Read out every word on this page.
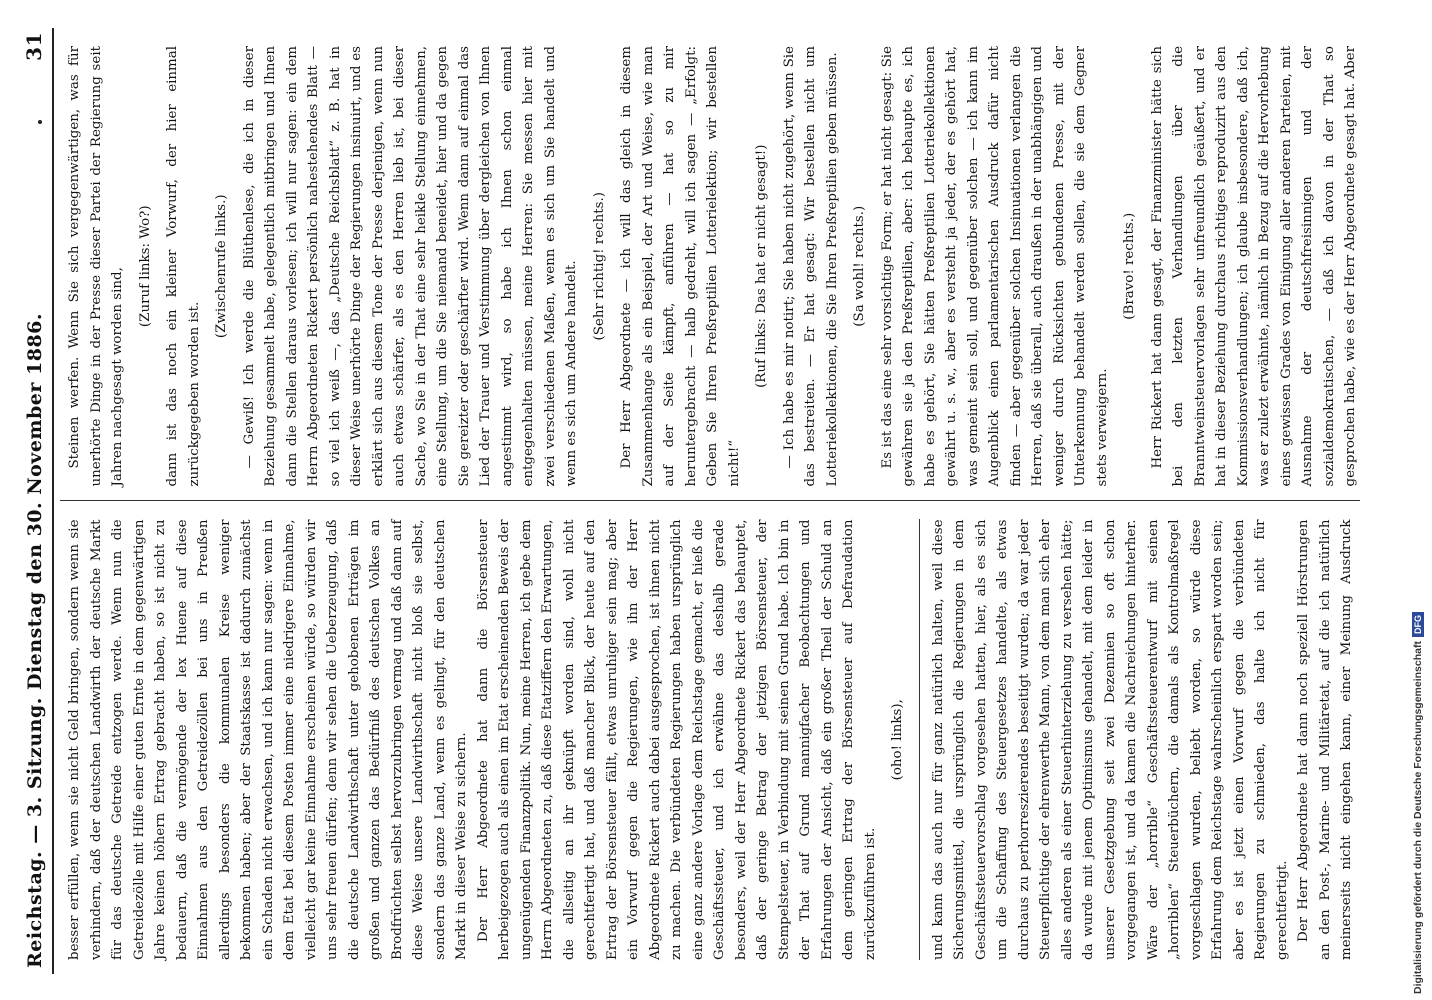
Reichstag. — 3. Sitzung. Dienstag den 30. November 1886.
31

besser erfüllen, wenn sie nicht Geld bringen, sondern wenn sie verhindern, daß der deutschen Landwirth der deutsche Markt für das deutsche Getreide entzogen werde. Wenn nun die Getreidezölle mit Hilfe einer guten Ernte in dem gegenwärtigen Jahre keinen höhern Ertrag gebracht haben, so ist nicht zu bedauern, daß die vermögende der lex Huene auf diese Einnahmen aus den Getreidezöllen bei uns in Preußen allerdings besonders die kommunalen Kreise weniger bekommen haben; aber der Staatskasse ist dadurch zunächst ein Schaden nicht erwachsen, und ich kann nur sagen: wenn in dem Etat bei diesem Posten immer eine niedrigere Einnahme, vielleicht gar keine Einnahme erscheinen würde, so würden wir uns sehr freuen dürfen; denn wir sehen die Ueberzeugung, daß die deutsche Landwirthschaft unter gehobenen Erträgen im großen und ganzen das Bedürfniß des deutschen Volkes an Brodfrüchten selbst hervorzubringen vermag und daß dann auf diese Weise unsere Landwirthschaft nicht bloß sie selbst, sondern das ganze Land, wenn es gelingt, für den deutschen Markt in dieser Weise zu sichern. Der Herr Abgeordnete hat dann die Börsensteuer herbeigezogen auch als einen im Etat erscheinenden Beweis der ungenügenden Finanzpolitik. Nun, meine Herren, ich gebe dem Herrn Abgeordneten zu, daß diese Etatziffern den Erwartungen, die allseitig an ihr geknüpft worden sind, wohl nicht gerechtfertigt hat, und daß mancher Blick, der heute auf den Ertrag der Börsensteuer fällt, etwas unruhiger sein mag; aber ein Vorwurf gegen die Regierungen, wie ihn der Herr Abgeordnete Rickert auch dabei ausgesprochen, ist ihnen nicht zu machen. Die verbündeten Regierungen haben ursprünglich eine ganz andere Vorlage dem Reichstage gemacht, er hieß die Geschäftssteuer, und ich erwähne das deshalb gerade besonders, weil der Herr Abgeordnete Rickert das behauptet, daß der geringe Betrag der jetzigen Börsensteuer, der Stempelsteuer, in Verbindung mit seinen Grund habe. Ich bin in der That auf Grund mannigfacher Beobachtungen und Erfahrungen der Ansicht, daß ein großer Theil der Schuld an dem geringen Ertrag der Börsensteuer auf Defraudation zurückzuführen ist.

(oho! links), und kann das auch nur für ganz natürlich halten, weil diese Sicherungsmittel, die ursprünglich die Regierungen in dem Geschäftssteuervorschlag vorgesehen hatten, hier, als es sich um die Schaffung des Steuergesetzes handelte, als etwas durchaus zu perhorreszierendes beseitigt wurden; da war jeder Steuerpflichtige der ehrenwerthe Mann, von dem man sich eher alles anderen als einer Steuerhinterziehung zu versehen hätte; da wurde mit jenem Optimismus gehandelt, mit dem leider in unserer Gesetzgebung seit zwei Dezennien so oft schon vorgegangen ist, und da kamen die Nachreichungen hinterher. Wäre der „horrible“ Geschäftssteuerentwurf mit seinen „horriblen“ Steuerbüchern, die damals als Kontrolmaßregel vorgeschlagen wurden, beliebt worden, so würde diese Erfahrung dem Reichstage wahrscheinlich erspart worden sein; aber es ist jetzt einen Vorwurf gegen die verbündeten Regierungen zu schmieden, das halte ich nicht für gerechtfertigt. Der Herr Abgeordnete hat dann noch speziell Hörstrungen an den Post-, Marine- und Militäretat, auf die ich natürlich meinerseits nicht eingehen kann, einer Meinung Ausdruck

Steinen werfen. Wenn Sie sich vergegenwärtigen, was für unerhörte Dinge in der Presse dieser Partei der Regierung seit Jahren nachgesagt worden sind,

(Zuruf links: Wo?) dann ist das noch ein kleiner Vorwurf, der hier einmal zurückgegeben worden ist.

(Zwischenrufe links.) — Gewiß! Ich werde die Blüthenlese, die ich in dieser Beziehung gesammelt habe, gelegentlich mitbringen und Ihnen dann die Stellen daraus vorlesen; ich will nur sagen: ein dem Herrn Abgeordneten Rickert persönlich nahestehendes Blatt — so viel ich weiß —, das „Deutsche Reichsblatt“ z. B. hat in dieser Weise unerhörte Dinge der Regierungen insinuirt, und es erklärt sich aus diesem Tone der Presse derjenigen, wenn nun auch etwas schärfer, als es den Herren lieb ist, bei dieser Sache, wo Sie in der That eine sehr heikle Stellung einnehmen, eine Stellung, um die Sie niemand beneidet, hier und da gegen Sie gereizter oder geschärfter wird. Wenn dann auf einmal das Lied der Trauer und Verstimmung über dergleichen von Ihnen angestimmt wird, so habe ich Ihnen schon einmal entgegenhalten müssen, meine Herren: Sie messen hier mit zwei verschiedenen Maßen, wenn es sich um Sie handelt und wenn es sich um Andere handelt. (Sehr richtig! rechts.) Der Herr Abgeordnete — ich will das gleich in diesem Zusammenhange als ein Beispiel, der Art und Weise, wie man auf der Seite kämpft, anführen — hat so zu mir heruntergebracht — halb gedreht, will ich sagen — „Erfolgt: Geben Sie Ihren Preßreptilien Lotterielektion; wir bestellen nicht!“

(Ruf links: Das hat er nicht gesagt!) — Ich habe es mir notirt; Sie haben nicht zugehört, wenn Sie das bestreiten. — Er hat gesagt: Wir bestellen nicht um Lotteriekollektionen, die Sie Ihren Preßreptilien geben müssen. (Sa wohl! rechts.) Es ist das eine sehr vorsichtige Form; er hat nicht gesagt: Sie gewähren sie ja den Preßreptilien, aber: ich behaupte es, ich habe es gehört, Sie hätten Preßreptilien Lotteriekollektionen gewährt u. s. w., aber es versteht ja jeder, der es gehört hat, was gemeint sein soll, und gegenüber solchen — ich kann im Augenblick einen parlamentarischen Ausdruck dafür nicht finden — aber gegenüber solchen Insinuationen verlangen die Herren, daß sie überall, auch draußen in der unabhängigen und weniger durch Rücksichten gebundenen Presse, mit der Unterkennung behandelt werden sollen, die sie dem Gegner stets verweigern.

(Bravo! rechts.)

Herr Rickert hat dann gesagt, der Finanzminister hätte sich bei den letzten Verhandlungen über die Branntweinsteuervorlagen sehr unfreundlich geäußert, und er hat in dieser Beziehung durchaus richtiges reproduzirt aus den Kommissionsverhandlungen; ich glaube insbesondere, daß ich, was er zulezt erwähnte, nämlich in Bezug auf die Hervorhebung eines gewissen Grades von Einigung aller anderen Parteien, mit Ausnahme der deutschfreisinnigen und der sozialdemokratischen, — daß ich davon in der That so gesprochen habe, wie es der Herr Abgeordnete gesagt hat. Aber

Digitalisierung gefördert durch die Deutsche Forschungsgemeinschaft
DFG
